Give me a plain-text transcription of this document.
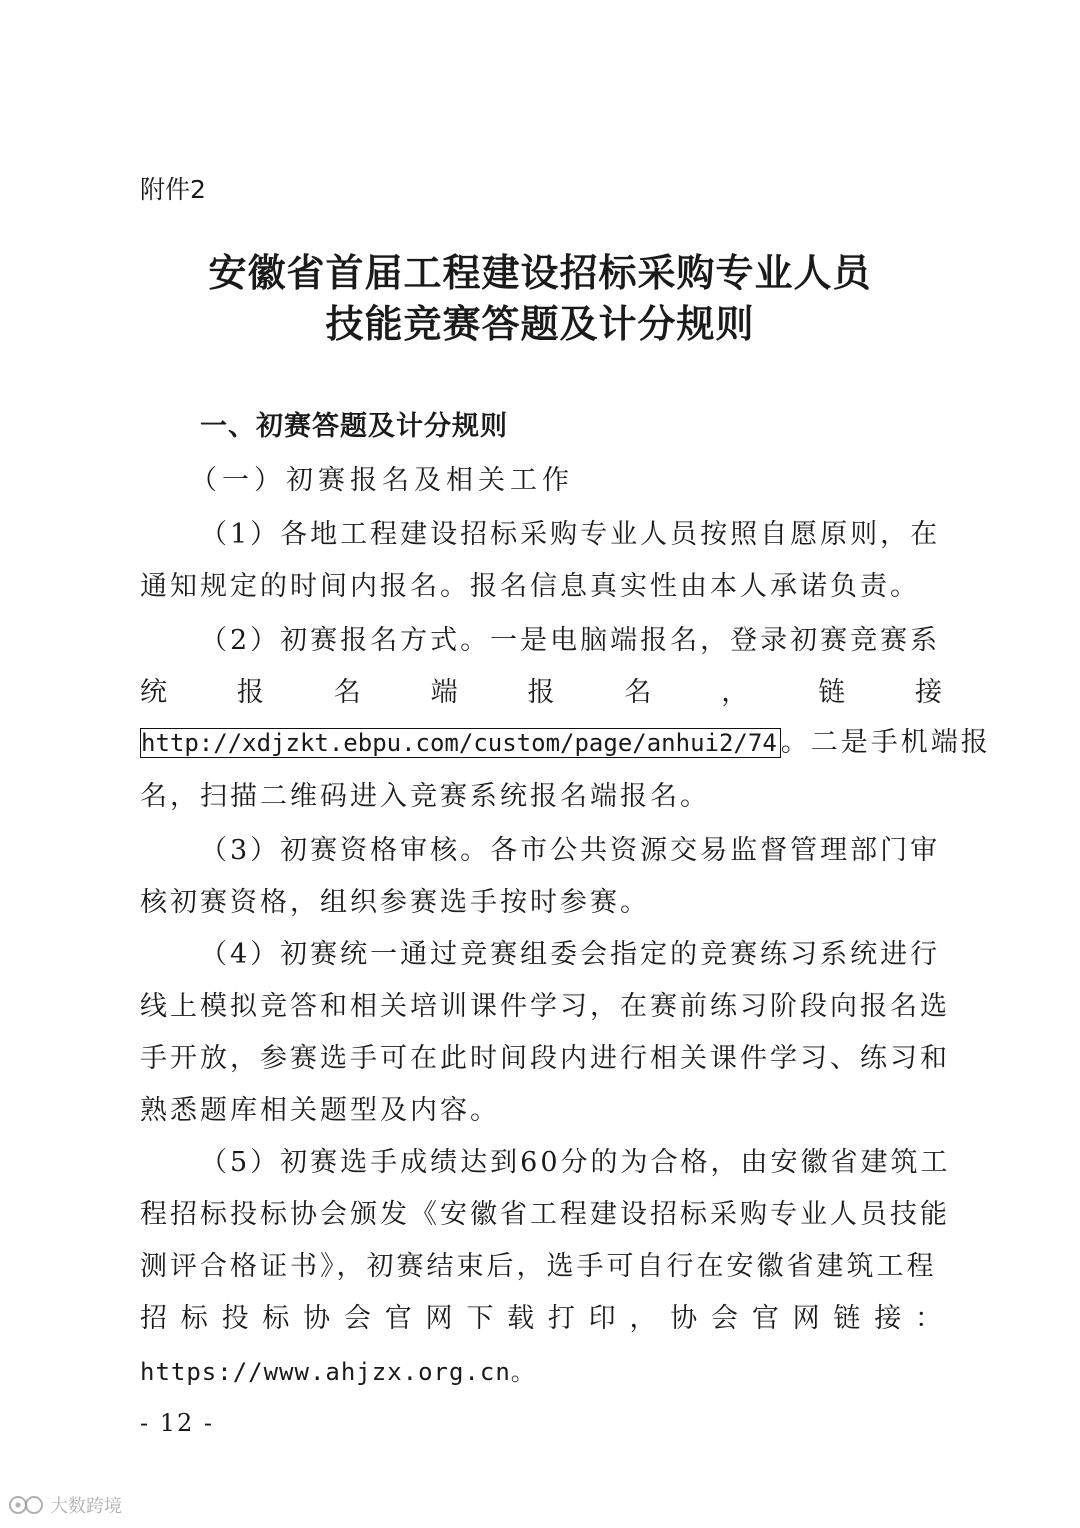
附件2
安徽省首届工程建设招标采购专业人员
技能竞赛答题及计分规则
一、初赛答题及计分规则
（一）初赛报名及相关工作
（1）各地工程建设招标采购专业人员按照自愿原则，在
通知规定的时间内报名。报名信息真实性由本人承诺负责。
（2）初赛报名方式。一是电脑端报名，登录初赛竞赛系
统报名端报名，链接
http://xdjzkt.ebpu.com/custom/page/anhui2/74 。二是手机端报
名，扫描二维码进入竞赛系统报名端报名。
（3）初赛资格审核。各市公共资源交易监督管理部门审
核初赛资格，组织参赛选手按时参赛。
（4）初赛统一通过竞赛组委会指定的竞赛练习系统进行
线上模拟竞答和相关培训课件学习，在赛前练习阶段向报名选
手开放，参赛选手可在此时间段内进行相关课件学习、练习和
熟悉题库相关题型及内容。
（5）初赛选手成绩达到60分的为合格，由安徽省建筑工
程招标投标协会颁发《安徽省工程建设招标采购专业人员技能
测评合格证书》，初赛结束后，选手可自行在安徽省建筑工程
招标投标协会官网下载打印，协会官网链接：
https://www.ahjzx.org.cn。
- 12 -
大数跨境
